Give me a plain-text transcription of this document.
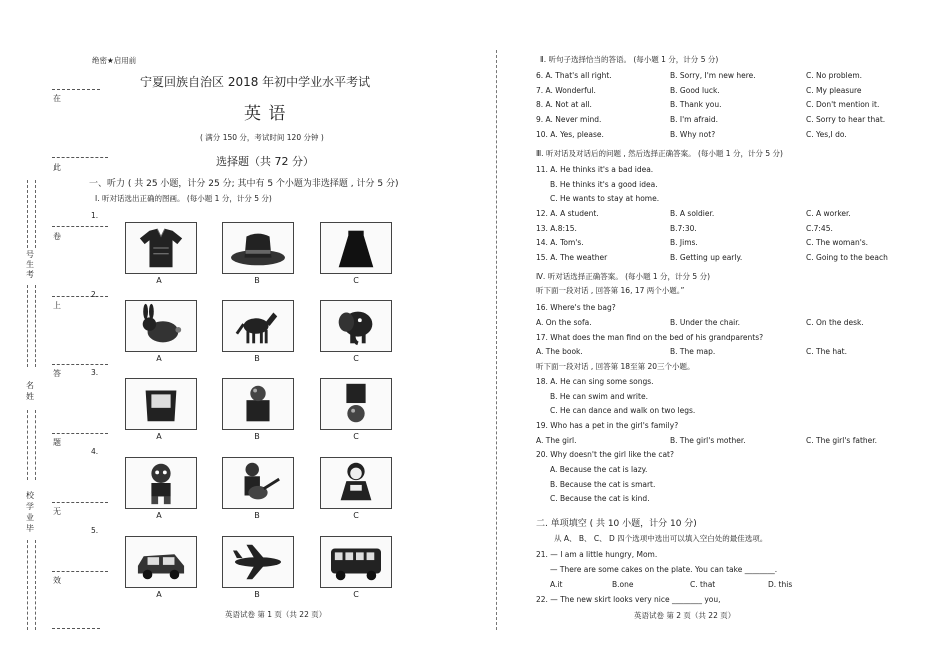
在
此
卷
上
答
题
无
效
号生考
名姓
校学业毕
绝密★启用前
宁夏回族自治区 2018 年初中学业水平考试
英 语
( 满分 150 分，考试时间 120 分钟 )
选择题（共 72 分）
一、听力 ( 共 25 小题，计分 25 分; 其中有 5 个小题为非选择题 , 计分 5 分)
Ⅰ. 听对话选出正确的图画。 (每小题 1 分，计分 5 分)
1.
2.
3.
4.
5.
A	B	C
A	B	C
A	B	C
A	B	C
A	B	C
英语试卷 第 1 页（共 22 页）
Ⅱ. 听句子选择恰当的答语。 (每小题 1 分，计分 5 分)
6. A. That's all right.	B. Sorry, I'm new here.	C. No problem.
7. A. Wonderful.	B. Good luck.	C. My pleasure
8. A. Not at all.	B. Thank you.	C. Don't mention it.
9. A. Never mind.	B. I'm afraid.	C. Sorry to hear that.
10. A. Yes, please.	B. Why not?	C. Yes,I do.
Ⅲ. 听对话及对话后的问题 , 然后选择正确答案。 (每小题 1 分，计分 5 分)
11. A. He thinks it's a bad idea.
B. He thinks it's a good idea.
C. He wants to stay at home.
12. A. A student.	B. A soldier.	C. A worker.
13. A.8:15.	B.7:30.	C.7:45.
14. A. Tom's.	B. Jims.	C. The woman's.
15. A. The weather	B. Getting up early.	C. Going to the beach
Ⅳ. 听对话选择正确答案。 (每小题 1 分，计分 5 分)
听下面一段对话 , 回答第 16, 17 两个小题。”
16. Where's the bag?
A. On the sofa.	B. Under the chair.	C. On the desk.
17. What does the man find on the bed of his grandparents?
A. The book.	B. The map.	C. The hat.
听下面一段对话 , 回答第 18至第 20三个小题。
18. A. He can sing some songs.
B. He can swim and write.
C. He can dance and walk on two legs.
19. Who has a pet in the girl's family?
A. The girl.	B. The girl's mother.	C. The girl's father.
20. Why doesn't the girl like the cat?
A. Because the cat is lazy.
B. Because the cat is smart.
C. Because the cat is kind.
二. 单项填空 ( 共 10 小题，计分 10 分)
从 A、 B、 C、 D 四个选项中选出可以填入空白处的最佳选项。
21. — I am a little hungry, Mom.
— There are some cakes on the plate. You can take ________.
A.it	B.one	C. that	D. this
22. — The new skirt looks very nice ________ you,
英语试卷 第 2 页（共 22 页）
